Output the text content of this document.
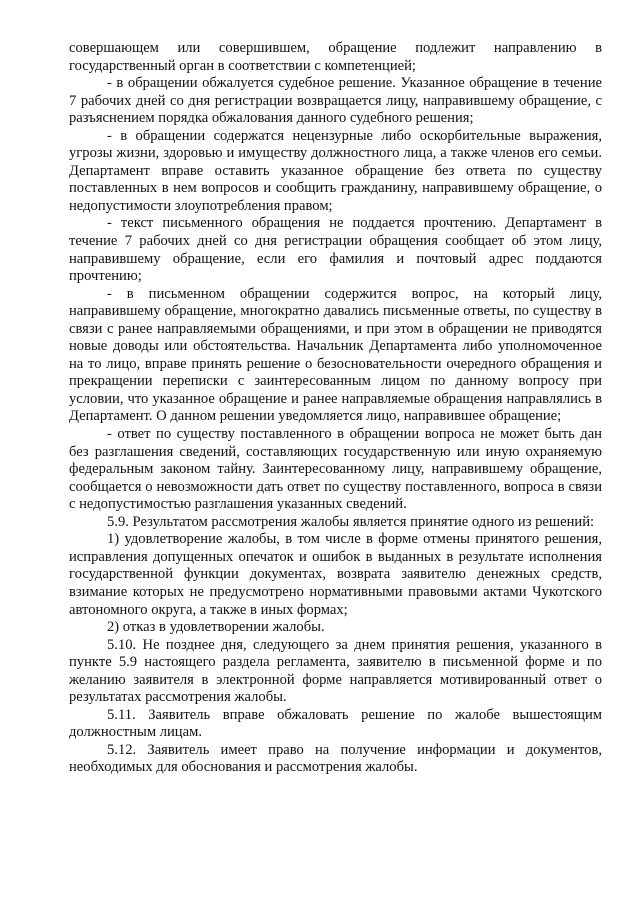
совершающем или совершившем, обращение подлежит направлению в государственный орган в соответствии с компетенцией;

- в обращении обжалуется судебное решение. Указанное обращение в течение 7 рабочих дней со дня регистрации возвращается лицу, направившему обращение, с разъяснением порядка обжалования данного судебного решения;

- в обращении содержатся нецензурные либо оскорбительные выражения, угрозы жизни, здоровью и имуществу должностного лица, а также членов его семьи. Департамент вправе оставить указанное обращение без ответа по существу поставленных в нем вопросов и сообщить гражданину, направившему обращение, о недопустимости злоупотребления правом;

- текст письменного обращения не поддается прочтению. Департамент в течение 7 рабочих дней со дня регистрации обращения сообщает об этом лицу, направившему обращение, если его фамилия и почтовый адрес поддаются прочтению;

- в письменном обращении содержится вопрос, на который лицу, направившему обращение, многократно давались письменные ответы, по существу в связи с ранее направляемыми обращениями, и при этом в обращении не приводятся новые доводы или обстоятельства. Начальник Департамента либо уполномоченное на то лицо, вправе принять решение о безосновательности очередного обращения и прекращении переписки с заинтересованным лицом по данному вопросу при условии, что указанное обращение и ранее направляемые обращения направлялись в Департамент. О данном решении уведомляется лицо, направившее обращение;

- ответ по существу поставленного в обращении вопроса не может быть дан без разглашения сведений, составляющих государственную или иную охраняемую федеральным законом тайну. Заинтересованному лицу, направившему обращение, сообщается о невозможности дать ответ по существу поставленного, вопроса в связи с недопустимостью разглашения указанных сведений.

5.9. Результатом рассмотрения жалобы является принятие одного из решений:

1) удовлетворение жалобы, в том числе в форме отмены принятого решения, исправления допущенных опечаток и ошибок в выданных в результате исполнения государственной функции документах, возврата заявителю денежных средств, взимание которых не предусмотрено нормативными правовыми актами Чукотского автономного округа, а также в иных формах;

2) отказ в удовлетворении жалобы.

5.10. Не позднее дня, следующего за днем принятия решения, указанного в пункте 5.9 настоящего раздела регламента, заявителю в письменной форме и по желанию заявителя в электронной форме направляется мотивированный ответ о результатах рассмотрения жалобы.

5.11. Заявитель вправе обжаловать решение по жалобе вышестоящим должностным лицам.

5.12. Заявитель имеет право на получение информации и документов, необходимых для обоснования и рассмотрения жалобы.
